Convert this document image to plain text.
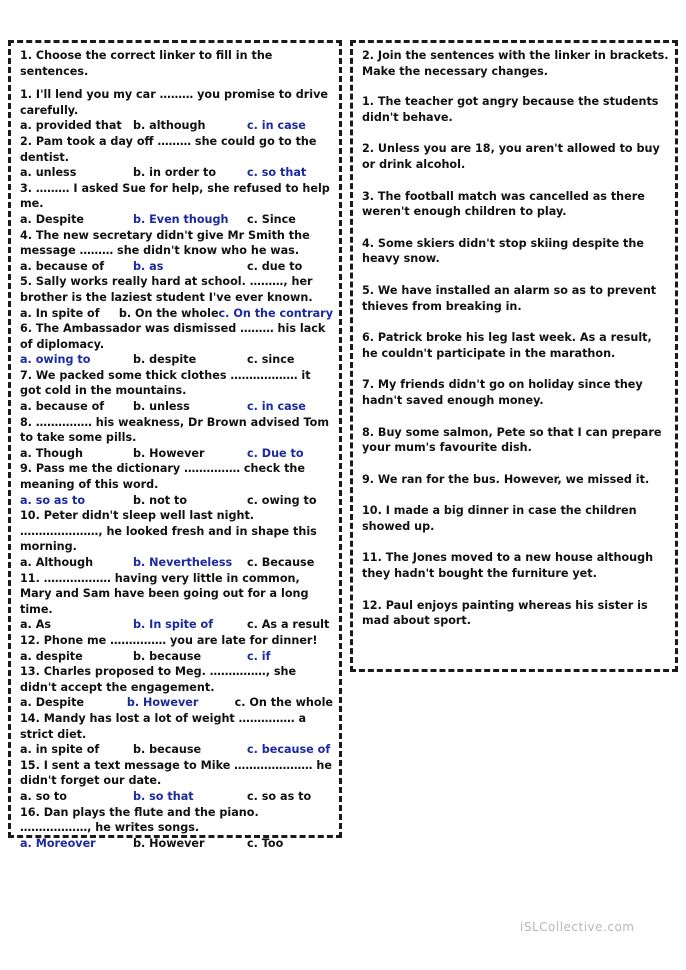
1. Choose the correct linker to fill in the sentences.

1. I'll lend you my car ……… you promise to drive carefully.

a. provided that	b. although	c. in case

2. Pam took a day off ……… she could go to the dentist.

a. unless	b. in order to	c. so that

3. ……… I asked Sue for help, she refused to help me.

a. Despite	b. Even though	c. Since

4. The new secretary didn't give Mr Smith the message ……… she didn't know who he was.

a. because of	b. as	c. due to

5. Sally works really hard at school. ………, her brother is the laziest student I've ever known.

a. In spite of	b. On the whole c. On the contrary

6. The Ambassador was dismissed ……… his lack of diplomacy.

a. owing to	b. despite	c. since

7. We packed some thick clothes ……………… it got cold in the mountains.

a. because of	b. unless	c. in case

8. …………… his weakness, Dr Brown advised Tom to take some pills.

a. Though	b. However	c. Due to

9. Pass me the dictionary …………… check the meaning of this word.

a. so as to	b. not to	c. owing to

10. Peter didn't sleep well last night. …………………, he looked fresh and in shape this morning.

a. Although	b. Nevertheless	c. Because

11. ……………… having very little in common, Mary and Sam have been going out for a long time.

a. As	b. In spite of	c. As a result

12. Phone me …………… you are late for dinner!

a. despite	b. because	c. if

13. Charles proposed to Meg. ……………, she didn't accept the engagement.

a. Despite	b. However	c. On the whole

14. Mandy has lost a lot of weight …………… a strict diet.

a. in spite of	b. because	c. because of

15. I sent a text message to Mike ………………… he didn't forget our date.

a. so to	b. so that	c. so as to

16. Dan plays the flute and the piano. ………………, he writes songs.

a. Moreover	b. However	c. Too

2. Join the sentences with the linker in brackets. Make the necessary changes.

1. The teacher got angry because the students didn't behave.

2. Unless you are 18, you aren't allowed to buy or drink alcohol.

3. The football match was cancelled as there weren't enough children to play.

4. Some skiers didn't stop skiing despite the heavy snow.

5. We have installed an alarm so as to prevent thieves from breaking in.

6. Patrick broke his leg last week. As a result, he couldn't participate in the marathon.

7. My friends didn't go on holiday since they hadn't saved enough money.

8. Buy some salmon, Pete so that I can prepare your mum's favourite dish.

9. We ran for the bus. However, we missed it.

10. I made a big dinner in case the children showed up.

11. The Jones moved to a new house although they hadn't bought the furniture yet.

12. Paul enjoys painting whereas his sister is mad about sport.

iSLCollective.com
